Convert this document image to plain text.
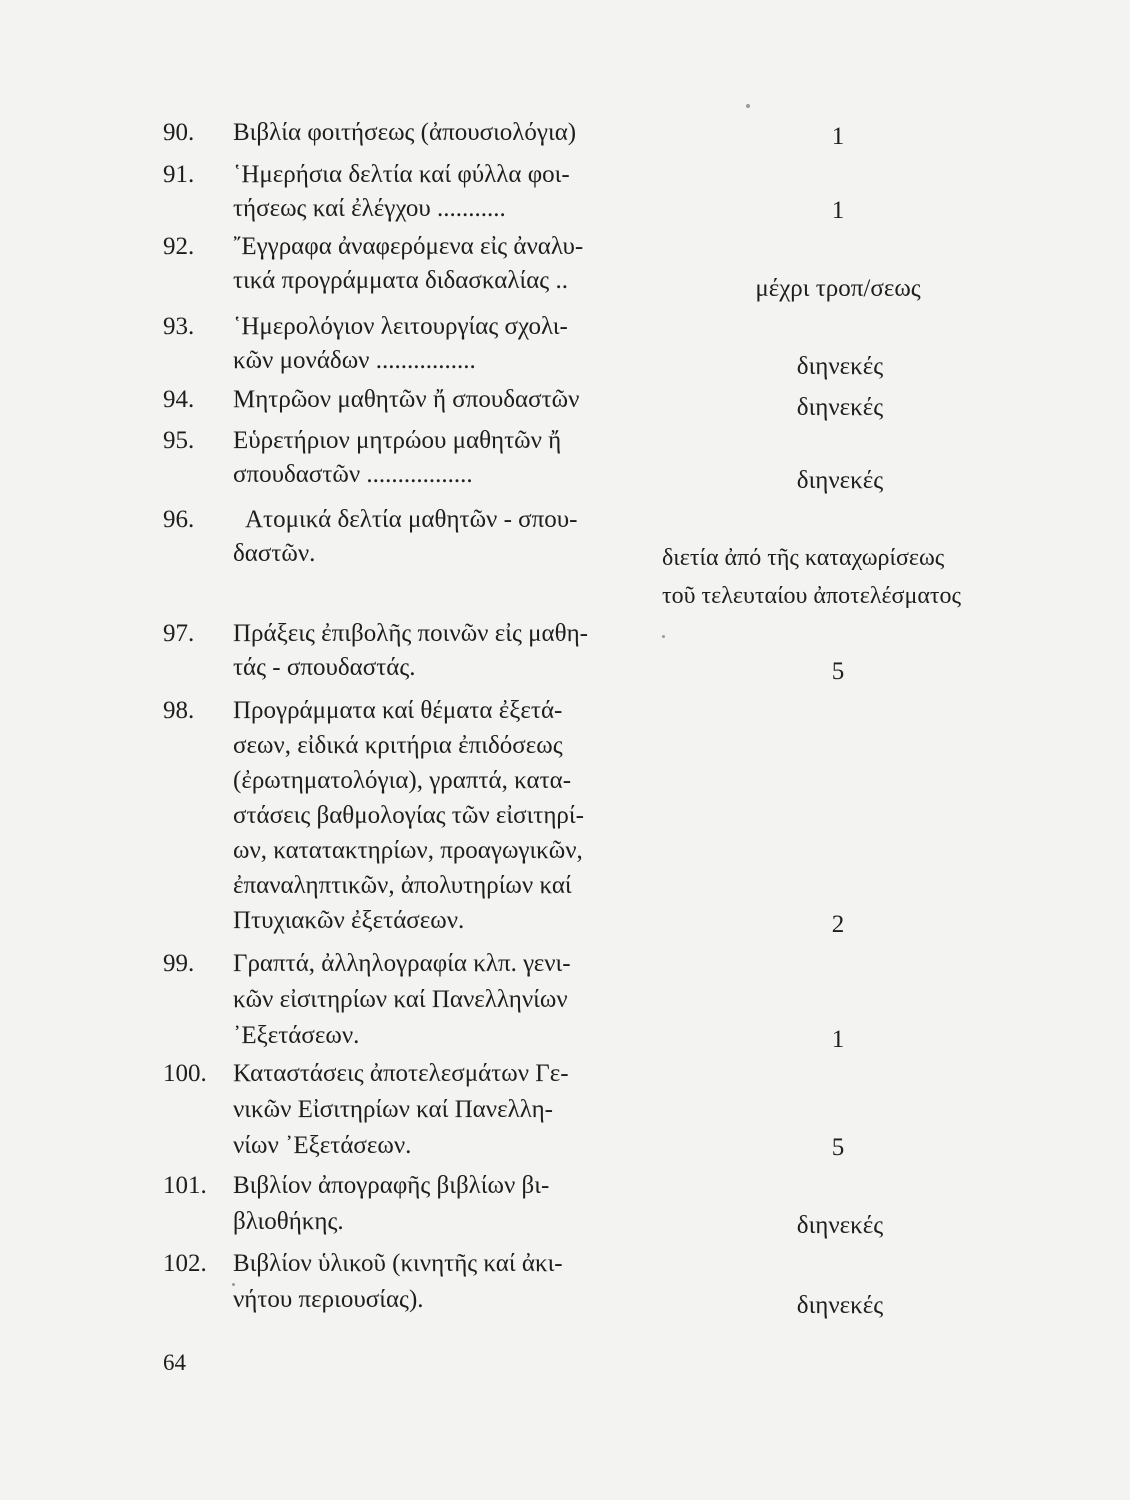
90.	Βιβλία φοιτήσεως (ἀπουσιολόγια)	1
91.	῾Ημερήσια δελτία καί φύλλα φοι-
τήσεως καί ἐλέγχου ...........	1
92.	῎Εγγραφα ἀναφερόμενα εἰς ἀναλυ-
τικά προγράμματα διδασκαλίας ..	μέχρι τροπ/σεως
93.	῾Ημερολόγιον λειτουργίας σχολι-
κῶν μονάδων ................	διηνεκές
94.	Μητρῶον μαθητῶν ἤ σπουδαστῶν	διηνεκές
95.	Εὑρετήριον μητρώου μαθητῶν ἤ
σπουδαστῶν .................	διηνεκές
96.	Ατομικά δελτία μαθητῶν - σπου-
δαστῶν.	διετία ἀπό τῆς καταχωρίσεως
τοῦ τελευταίου ἀποτελέσματος
97.	Πράξεις ἐπιβολῆς ποινῶν εἰς μαθη-
τάς - σπουδαστάς.	5
98.	Προγράμματα καί θέματα ἐξετά-
σεων, εἰδικά κριτήρια ἐπιδόσεως
(ἐρωτηματολόγια), γραπτά, κατα-
στάσεις βαθμολογίας τῶν εἰσιτηρί-
ων, κατατακτηρίων, προαγωγικῶν,
ἐπαναληπτικῶν, ἀπολυτηρίων καί
Πτυχιακῶν ἐξετάσεων.	2
99.	Γραπτά, ἀλληλογραφία κλπ. γενι-
κῶν εἰσιτηρίων καί Πανελληνίων
᾿Εξετάσεων.	1
100.	Καταστάσεις ἀποτελεσμάτων Γε-
νικῶν Εἰσιτηρίων καί Πανελλη-
νίων ᾿Εξετάσεων.	5
101.	Βιβλίον ἀπογραφῆς βιβλίων βι-
βλιοθήκης.	διηνεκές
102.	Βιβλίον ὑλικοῦ (κινητῆς καί ἀκι-
νήτου περιουσίας).	διηνεκές
64
